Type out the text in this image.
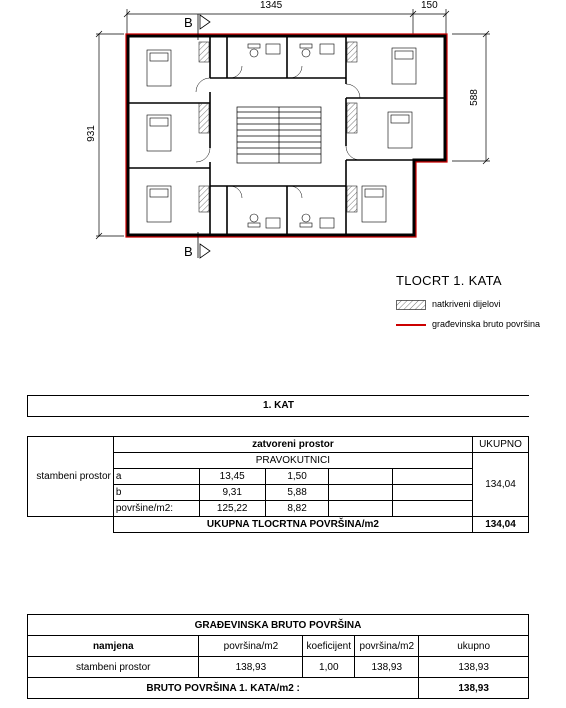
1345	150
931
588
B
B
TLOCRT 1. KATA
natkriveni dijelovi
građevinska bruto površina
1. KAT
stambeni prostor	zatvoreni prostor					UKUPNO
	PRAVOKUTNICI					134,04
	a	13,45	1,50			
	b	9,31	5,88			
	površine/m2:	125,22	8,82			
	UKUPNA TLOCRTNA POVRŠINA/m2					134,04
GRAĐEVINSKA BRUTO POVRŠINA				
namjena	površina/m2	koeficijent	površina/m2	ukupno
stambeni prostor	138,93	1,00	138,93	138,93
BRUTO POVRŠINA 1. KATA/m2 :				138,93
